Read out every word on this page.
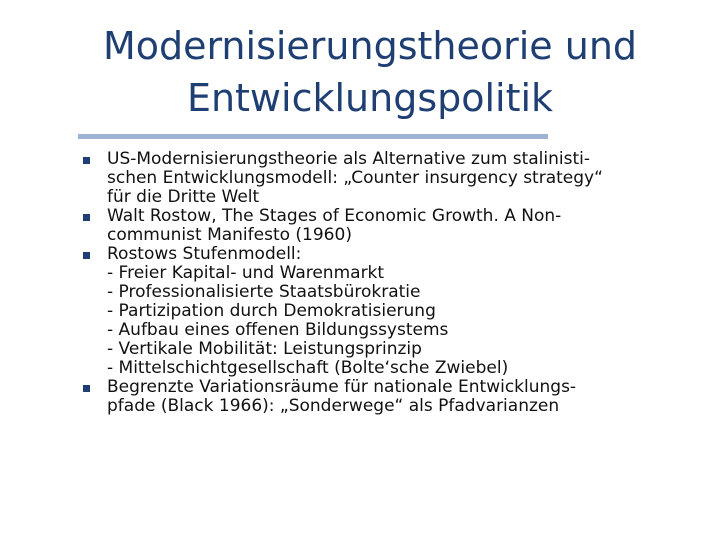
Modernisierungstheorie und
Entwicklungspolitik
US-Modernisierungstheorie als Alternative zum stalinisti-
schen Entwicklungsmodell: „Counter insurgency strategy“
für die Dritte Welt
Walt Rostow, The Stages of Economic Growth. A Non-
communist Manifesto (1960)
Rostows Stufenmodell:
- Freier Kapital- und Warenmarkt
- Professionalisierte Staatsbürokratie
- Partizipation durch Demokratisierung
- Aufbau eines offenen Bildungssystems
- Vertikale Mobilität: Leistungsprinzip
- Mittelschichtgesellschaft (Bolte‘sche Zwiebel)
Begrenzte Variationsräume für nationale Entwicklungs-
pfade (Black 1966): „Sonderwege“ als Pfadvarianzen
